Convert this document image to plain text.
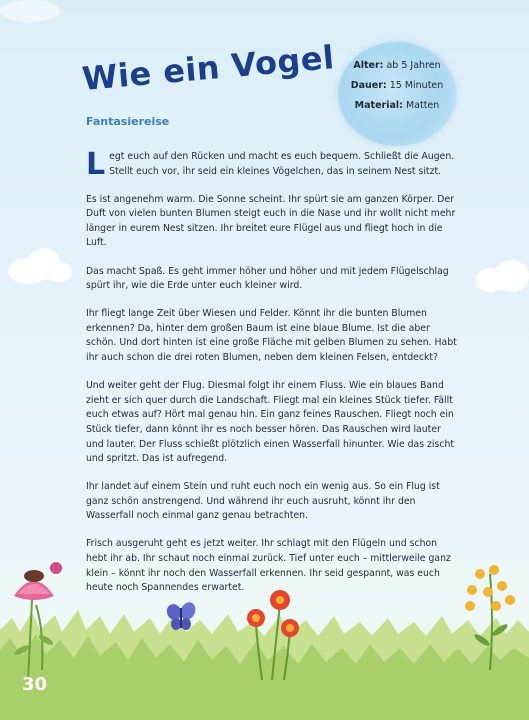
Wie ein Vogel
Fantasiereise
Alter: ab 5 Jahren
Dauer: 15 Minuten
Material: Matten

Legt euch auf den Rücken und macht es euch bequem. Schließt die Augen. Stellt euch vor, ihr seid ein kleines Vögelchen, das in seinem Nest sitzt.

Es ist angenehm warm. Die Sonne scheint. Ihr spürt sie am ganzen Körper. Der Duft von vielen bunten Blumen steigt euch in die Nase und ihr wollt nicht mehr länger in eurem Nest sitzen. Ihr breitet eure Flügel aus und fliegt hoch in die Luft.

Das macht Spaß. Es geht immer höher und höher und mit jedem Flügelschlag spürt ihr, wie die Erde unter euch kleiner wird.

Ihr fliegt lange Zeit über Wiesen und Felder. Könnt ihr die bunten Blumen erkennen? Da, hinter dem großen Baum ist eine blaue Blume. Ist die aber schön. Und dort hinten ist eine große Fläche mit gelben Blumen zu sehen. Habt ihr auch schon die drei roten Blumen, neben dem kleinen Felsen, entdeckt?

Und weiter geht der Flug. Diesmal folgt ihr einem Fluss. Wie ein blaues Band zieht er sich quer durch die Landschaft. Fliegt mal ein kleines Stück tiefer. Fällt euch etwas auf? Hört mal genau hin. Ein ganz feines Rauschen. Fliegt noch ein Stück tiefer, dann könnt ihr es noch besser hören. Das Rauschen wird lauter und lauter. Der Fluss schießt plötzlich einen Wasserfall hinunter. Wie das zischt und spritzt. Das ist aufregend.

Ihr landet auf einem Stein und ruht euch noch ein wenig aus. So ein Flug ist ganz schön anstrengend. Und während ihr euch ausruht, könnt ihr den Wasserfall noch einmal ganz genau betrachten.

Frisch ausgeruht geht es jetzt weiter. Ihr schlagt mit den Flügeln und schon hebt ihr ab. Ihr schaut noch einmal zurück. Tief unter euch – mittlerweile ganz klein – könnt ihr noch den Wasserfall erkennen. Ihr seid gespannt, was euch heute noch Spannendes erwartet.

30
